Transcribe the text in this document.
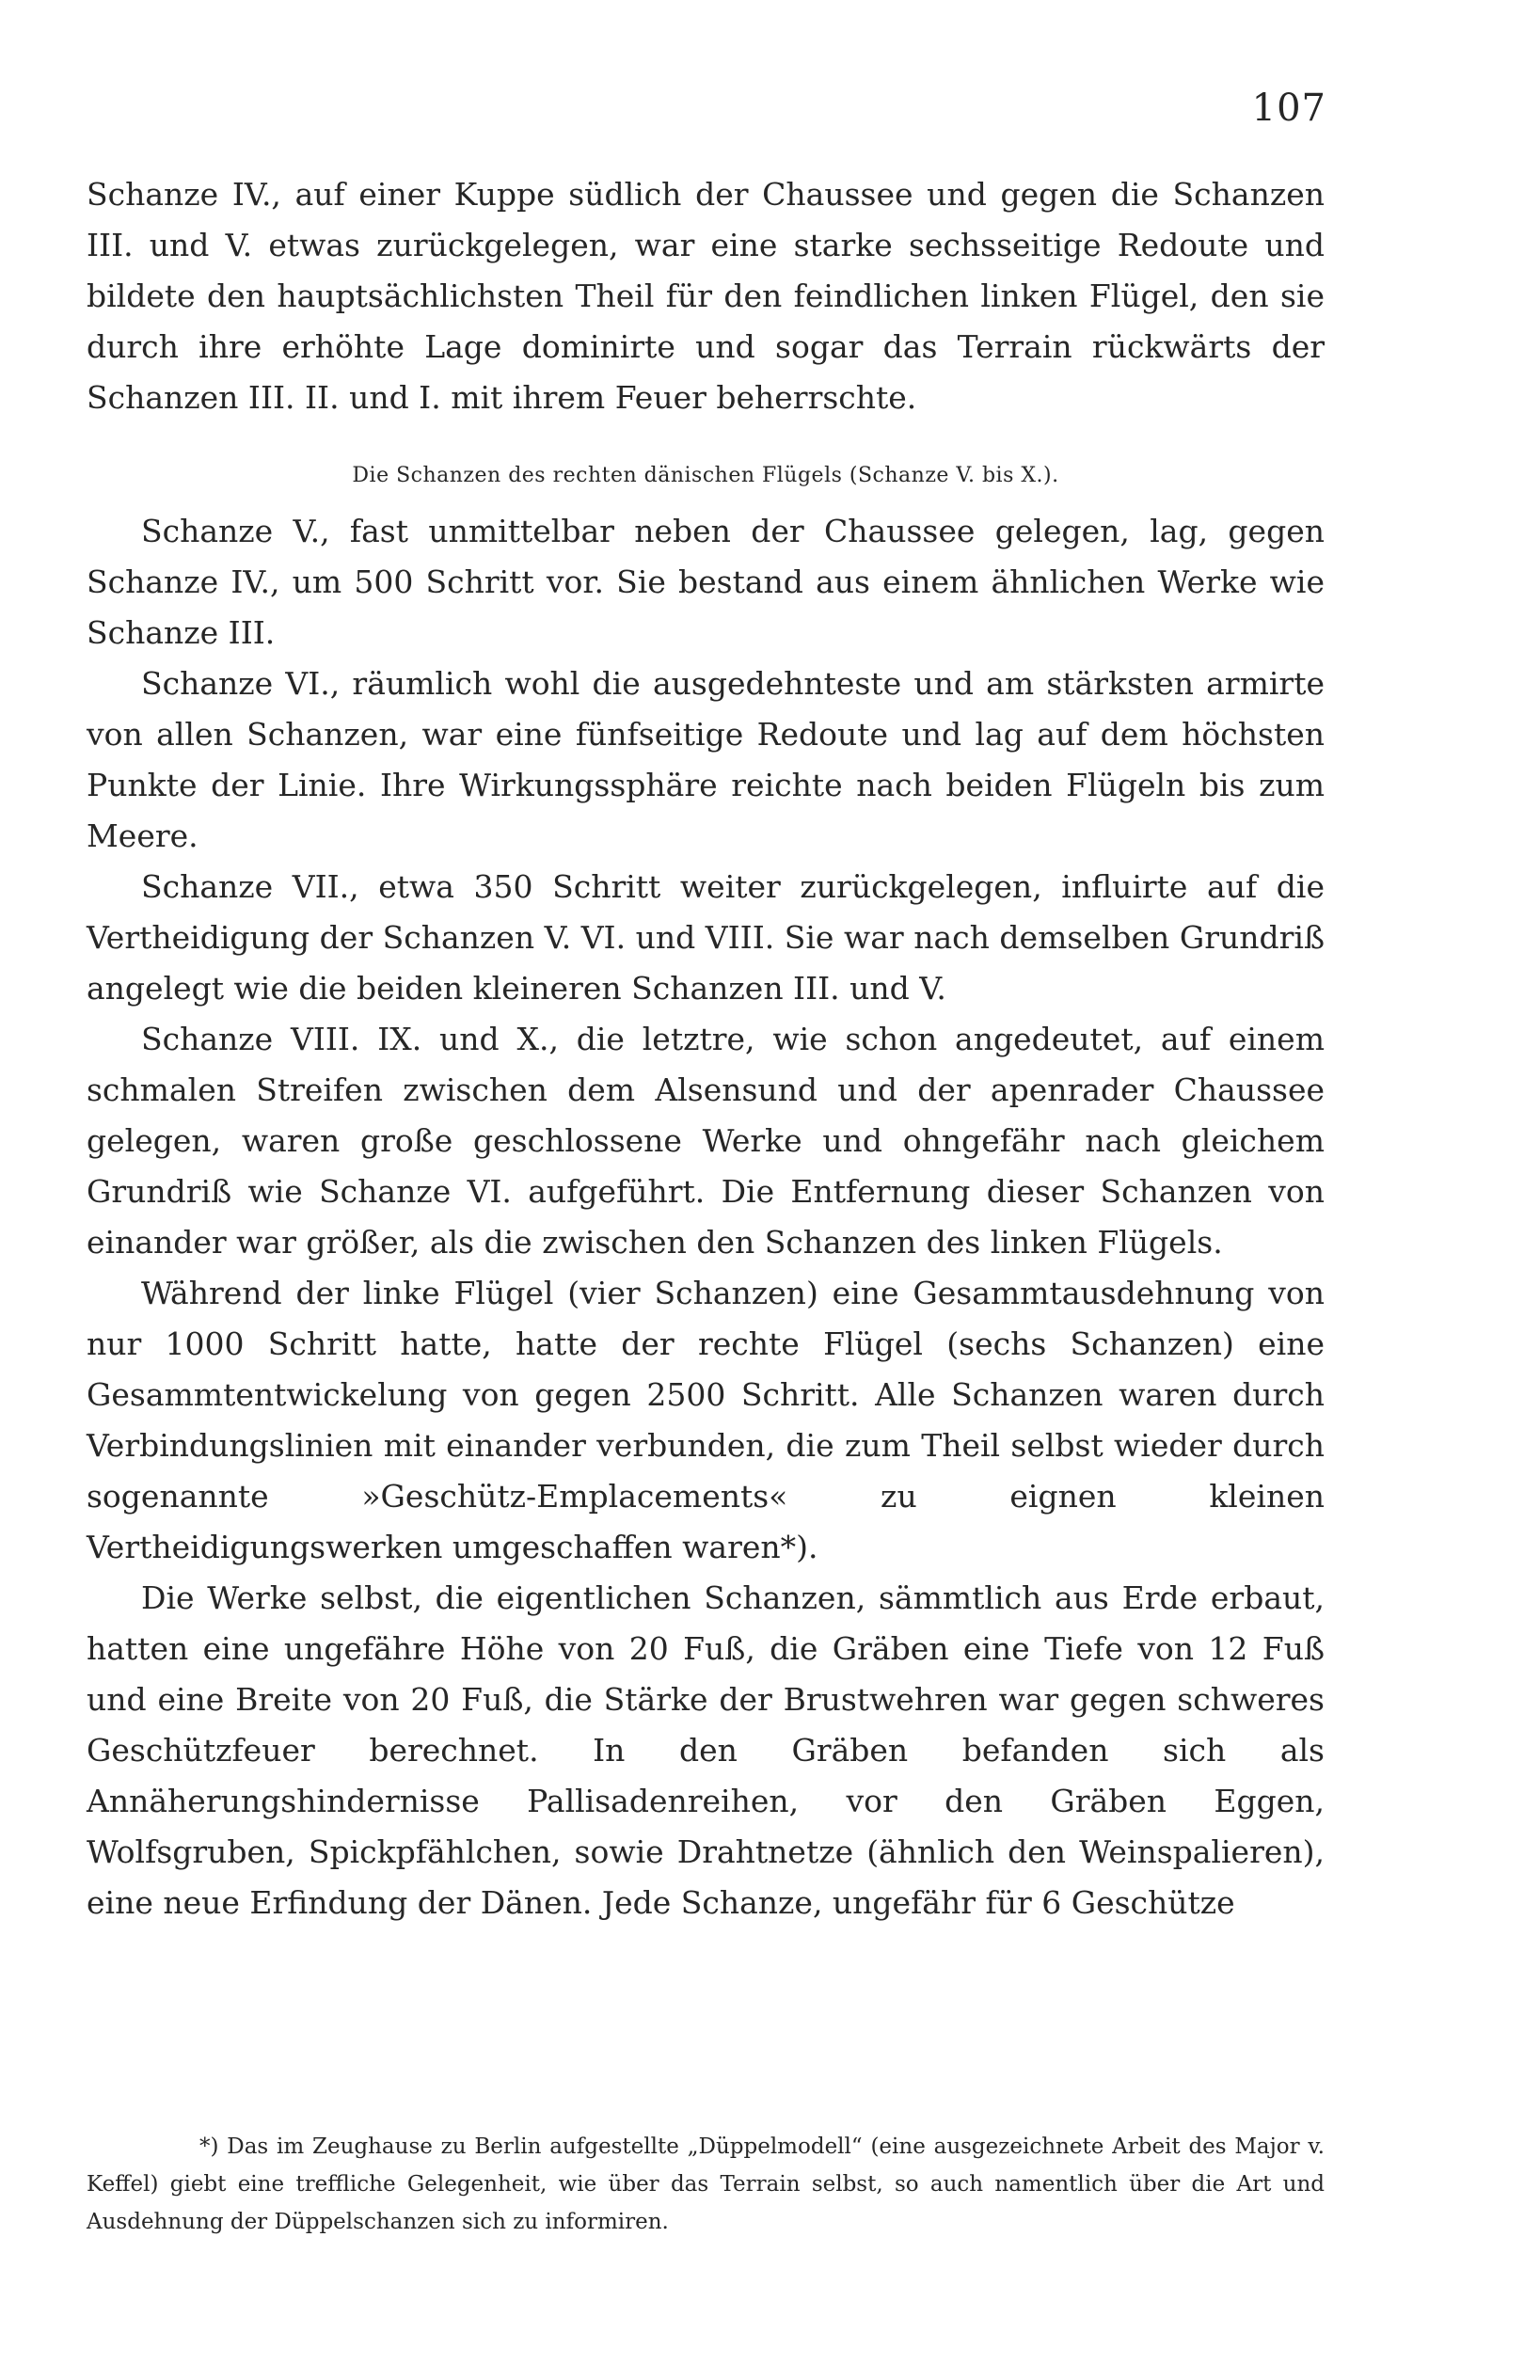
107

Schanze IV., auf einer Kuppe südlich der Chaussee und gegen die Schanzen III. und V. etwas zurückgelegen, war eine starke sechsseitige Redoute und bildete den hauptsächlichsten Theil für den feindlichen linken Flügel, den sie durch ihre erhöhte Lage dominirte und sogar das Terrain rückwärts der Schanzen III. II. und I. mit ihrem Feuer beherrschte.

Die Schanzen des rechten dänischen Flügels (Schanze V. bis X.).

Schanze V., fast unmittelbar neben der Chaussee gelegen, lag, gegen Schanze IV., um 500 Schritt vor. Sie bestand aus einem ähnlichen Werke wie Schanze III.

Schanze VI., räumlich wohl die ausgedehnteste und am stärksten armirte von allen Schanzen, war eine fünfseitige Redoute und lag auf dem höchsten Punkte der Linie. Ihre Wirkungssphäre reichte nach beiden Flügeln bis zum Meere.

Schanze VII., etwa 350 Schritt weiter zurückgelegen, influirte auf die Vertheidigung der Schanzen V. VI. und VIII. Sie war nach demselben Grundriß angelegt wie die beiden kleineren Schanzen III. und V.

Schanze VIII. IX. und X., die letztre, wie schon angedeutet, auf einem schmalen Streifen zwischen dem Alsensund und der apenrader Chaussee gelegen, waren große geschlossene Werke und ohngefähr nach gleichem Grundriß wie Schanze VI. aufgeführt. Die Entfernung dieser Schanzen von einander war größer, als die zwischen den Schanzen des linken Flügels.

Während der linke Flügel (vier Schanzen) eine Gesammtausdehnung von nur 1000 Schritt hatte, hatte der rechte Flügel (sechs Schanzen) eine Gesammtentwickelung von gegen 2500 Schritt. Alle Schanzen waren durch Verbindungslinien mit einander verbunden, die zum Theil selbst wieder durch sogenannte »Geschütz-Emplacements« zu eignen kleinen Vertheidigungswerken umgeschaffen waren*).

Die Werke selbst, die eigentlichen Schanzen, sämmtlich aus Erde erbaut, hatten eine ungefähre Höhe von 20 Fuß, die Gräben eine Tiefe von 12 Fuß und eine Breite von 20 Fuß, die Stärke der Brustwehren war gegen schweres Geschützfeuer berechnet. In den Gräben befanden sich als Annäherungshindernisse Pallisadenreihen, vor den Gräben Eggen, Wolfsgruben, Spickpfählchen, sowie Drahtnetze (ähnlich den Weinspalieren), eine neue Erfindung der Dänen. Jede Schanze, ungefähr für 6 Geschütze

*) Das im Zeughause zu Berlin aufgestellte „Düppelmodell“ (eine ausgezeichnete Arbeit des Major v. Keffel) giebt eine treffliche Gelegenheit, wie über das Terrain selbst, so auch namentlich über die Art und Ausdehnung der Düppelschanzen sich zu informiren.
